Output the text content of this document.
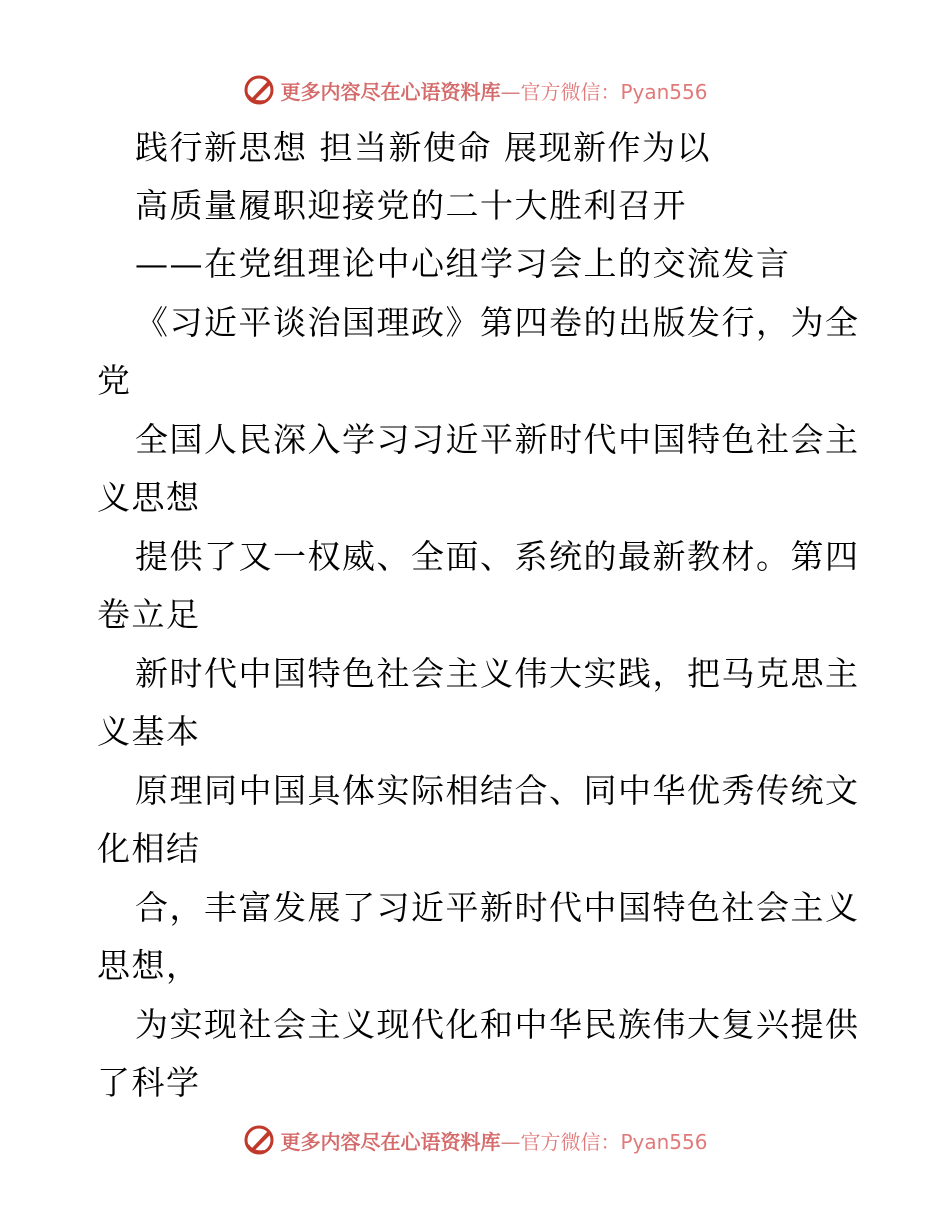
更多内容尽在心语资料库—官方微信：Pyan556
践行新思想 担当新使命 展现新作为以
高质量履职迎接党的二十大胜利召开
——在党组理论中心组学习会上的交流发言
《习近平谈治国理政》第四卷的出版发行，为全
党
全国人民深入学习习近平新时代中国特色社会主
义思想
提供了又一权威、全面、系统的最新教材。第四
卷立足
新时代中国特色社会主义伟大实践，把马克思主
义基本
原理同中国具体实际相结合、同中华优秀传统文
化相结
合，丰富发展了习近平新时代中国特色社会主义
思想，
为实现社会主义现代化和中华民族伟大复兴提供
了科学
更多内容尽在心语资料库—官方微信：Pyan556
